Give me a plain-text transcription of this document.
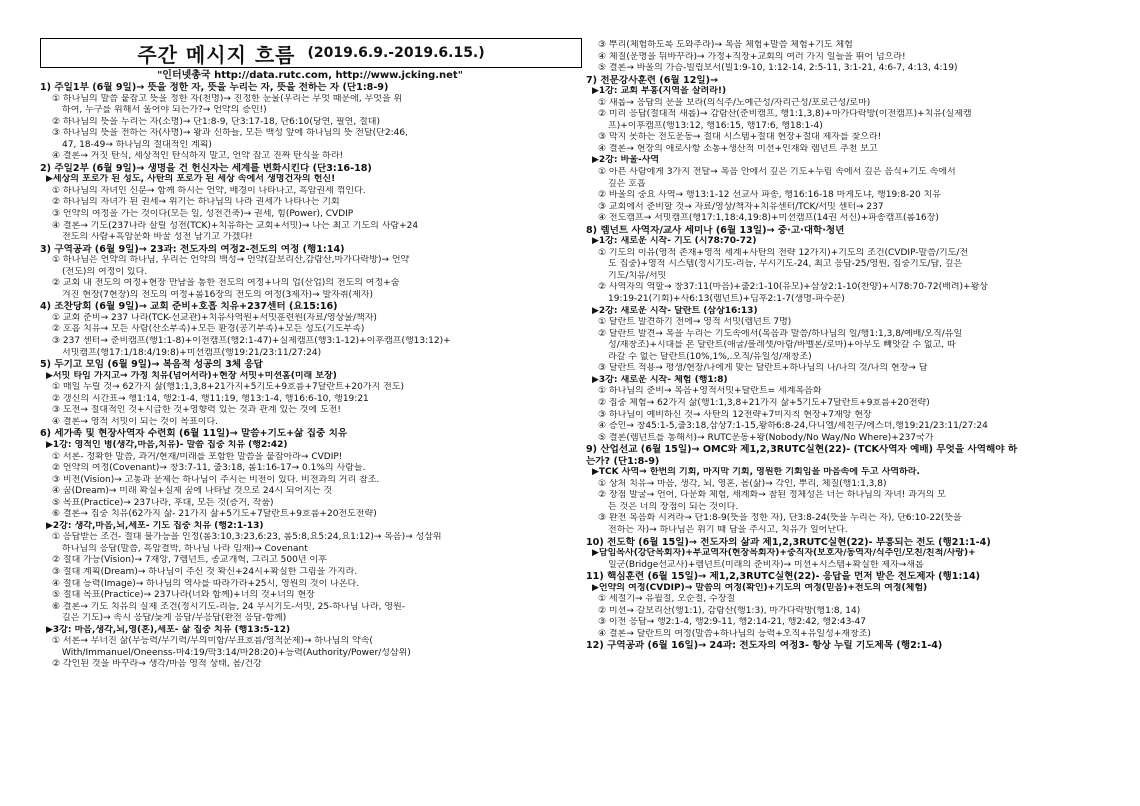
주간 메시지 흐름 (2019.6.9.-2019.6.15.)
"인터넷총국 http://data.rutc.com, http://www.jcking.net"
1) 주일1부 (6월 9일)→ 뜻을 정한 자, 뜻을 누리는 자, 뜻을 전하는 자 (단1:8-9)
① 하나님의 말씀 붙잡고 뜻을 정한 자(천명)→ 진정한 눈물(우리는 무엇 때문에, 무엇을 위
하여, 누구를 위해서 울어야 되는가?→ 언약의 증인!)
② 하나님의 뜻을 누리는 자(소명)→ 단1:8-9, 단3:17-18, 단6:10(당연, 필연, 절대)
③ 하나님의 뜻을 전하는 자(사명)→ 왕과 신하들, 모든 백성 앞에 하나님의 뜻 전달(단2:46,
47, 18-49→ 하나님의 절대적인 계획)
④ 결론→ 거짓 탄식, 세상적인 탄식하지 말고, 언약 잡고 진짜 탄식을 하라!
2) 주일2부 (6월 9일)→ 생명을 건 헌신자는 세계를 변화시킨다 (단3:16-18)
▶세상의 포로가 된 성도, 사탄의 포로가 된 세상 속에서 생명건자의 헌신!
① 하나님의 자녀인 신분→ 함께 하시는 언약, 배경이 나타나고, 흑암권세 꺾인다.
② 하나님의 자녀가 된 권세→ 위기는 하나님의 나라 권세가 나타나는 기회
③ 언약의 여정을 가는 것이다(모든 일, 성전건축)→ 권세, 힘(Power), CVDIP
④ 결론→ 기도(237나라 살릴 성전(TCK)+치유하는 교회+서밋)→ 나는 최고 기도의 사람+24
전도의 사람+흑암문화 바꿀 성전 남기고 가겠다!
3) 구역공과 (6월 9일)→ 23과: 전도자의 여정2-전도의 여정 (행1:14)
① 하나님은 언약의 하나님, 우리는 언약의 백성→ 언약(갈보리산,감람산,마가다락방)→ 언약
(전도)의 여정이 있다.
② 교회 내 전도의 여정+현장 만남을 통한 전도의 여정+나의 업(산업)의 전도의 여정+숨
겨진 현장(7현장)의 전도의 여정+롬16장의 전도의 여정(3제자)→ 발자취(제자)
4) 조찬당회 (6월 9일)→ 교회 준비+호흡 치유+237센터 (요15:16)
① 교회 준비→ 237 나라(TCK-선교관)+치유사역원+서밋훈련원(자료/영상물/책자)
② 호흡 치유→ 모든 사람(산소부족)+모든 환경(공기부족)+모든 성도(기도부족)
③ 237 센터→ 준비캠프(행1:1-8)+이전캠프(행2:1-47)+실제캠프(행3:1-12)+이후캠프(행13:12)+
서밋캠프(행17:1/18:4/19:8)+미션캠프(행19:21/23:11/27:24)
5) 두기고 모임 (6월 9일)→ 복음적 성공의 3체 응답
▶서밋 타임 가지고→ 가정 치유(넘어서라)+현장 서밋+미션홈(미래 보장)
① 매일 누릴 것→ 62가지 삶(행1:1,3,8+21가지+5기도+9흐름+7달란트+20가지 전도)
② 갱신의 시간표→ 행1:14, 행2:1-4, 행11:19, 행13:1-4, 행16:6-10, 행19:21
③ 도전→ 절대적인 것+시급한 것+영향력 있는 것과 관계 있는 것에 도전!
④ 결론→ 영적 서밋이 되는 것이 목표이다.
6) 세가족 및 현장사역자 수련회 (6월 11일)→ 말씀+기도+삶 집중 치유
▶1강: 영적인 병(생각,마음,치유)- 말씀 집중 치유 (행2:42)
① 서론- 정확한 말씀, 과거/현재/미래를 포함한 말씀을 붙잡아라→ CVDIP!
② 언약의 여정(Covenant)→ 창3:7-11, 출3:18, 롬1:16-17→ 0.1%의 사람들.
③ 비전(Vision)→ 고통과 문제는 하나님이 주시는 비전이 있다. 비전과의 거리 참조.
④ 꿈(Dream)→ 미래 확실+실제 꿈에 나타날 것으로 24시 되어지는 것
⑤ 목표(Practice)→ 237나라, 후대, 모든 것(증거, 작품)
⑥ 결론→ 집중 치유(62가지 삶- 21가지 삶+5기도+7달란트+9흐름+20전도전략)
▶2강: 생각,마음,뇌,세포- 기도 집중 치유 (행2:1-13)
① 응답받는 조건- 절대 불가능을 인정(롬3:10,3:23,6:23, 롬5:8,요5:24,요1:12)→ 복음)→ 성삼위
하나님의 응답(말씀, 흑암결박, 하나님 나라 임재)→ Covenant
② 절대 가능(Vision)→ 7재앙, 7렘넌트, 종교개혁, 그리고 500년 이후
③ 절대 계획(Dream)→ 하나님이 주신 것 확신+24시+확실한 그림을 가지라.
④ 절대 능력(Image)→ 하나님의 역사를 따라가라+25시, 영원의 것이 나온다.
⑤ 절대 목표(Practice)→ 237나라(너와 함께)+너의 것+너의 현장
⑥ 결론→ 기도 치유의 실제 조건(정시기도-리듬, 24 무시기도-서밋, 25-하나님 나라, 영원-
길은 기도)→ 속시 응답/늦게 응답/무응답(완전 응답-함께)
▶3강: 마음,생각,뇌,영(혼),세포- 삶 집중 치유 (행13:5-12)
① 서론→ 무너진 삶(무능력/무기력/무의미함/무표흐름/영적문제)→ 하나님의 약속(
With/Immanuel/Oneenss-마4:19/막3:14/마28:20)+능력(Authority/Power/성삼위)
② 각인된 것을 바꾸라→ 생각/마음 영적 상태, 몸/건강
③ 뿌리(체험하도록 도와주라)→ 복음 체험+말씀 체험+기도 체험
④ 체질(운명을 뒤바꾸라)→ 가정+직장+교회의 여러 가지 일들을 뛰어 넘으라!
⑤ 결론→ 바울의 가슴-빌립보서(빌1:9-10, 1:12-14, 2:5-11, 3:1-21, 4:6-7, 4:13, 4:19)
7) 전문강사훈련 (6월 12일)→
▶1강: 교회 부흥(지역을 살려라!)
① 새롭→ 응답의 문을 보라(의식주/노예근성/자리근성/포로근성/로마)
② 미리 응답(절대적 새롭)→ 감람산(준비캠프, 행1:1,3,8)+마가다락방(이전캠프)+치유(실제캠
프)+이후캠프(행13:12, 행16:15, 행17:6, 행18:1-4)
③ 막지 못하는 전도운동→ 절대 시스템+절대 현장+절대 제자를 찾으라!
④ 결론→ 현장의 애로사항 소통+생산적 미션+인재와 렘넌트 추천 보고
▶2강: 바울-사역
① 아픈 사람에게 3가지 전달→ 복음 안에서 깊은 기도+누림 속에서 깊은 음식+기도 속에서
깊은 호흡
② 바울의 중요 사역→ 행13:1-12 선교사 파송, 행16:16-18 마게도냐, 행19:8-20 치유
③ 교회에서 준비할 것→ 자료/영상/책자+치유센터/TCK/서밋 센터→ 237
④ 전도캠프→ 서밋캠프(행17:1,18:4,19:8)+미션캠프(14권 서신)+파송캠프(롬16장)
8) 렘넌트 사역자/교사 세미나 (6월 13일)→ 중·고·대학·청년
▶1강: 새로운 시작- 기도 (시78:70-72)
① 기도의 이유(영적 존재+영적 세계+사탄의 전략 12가지)+기도의 조건(CVDIP-말씀/기도/전
도 집중)+영적 시스템(정시기도-리듬, 무시기도-24, 최고 응답-25/영원, 집중기도/답, 깊은
기도/치유/서밋
② 사역자의 역할→ 창37:11(마음)+출2:1-10(유모)+삼상2:1-10(찬양)+시78:70-72(배려)+왕상
19:19-21(기회)+사6:13(렘넌트)+딤후2:1-7(생명-파수꾼)
▶2강: 새로운 시작- 달란트 (삼상16:13)
① 달란트 발견하기 전에→ 영적 서밋(렘넌트 7명)
② 달란트 발견→ 복을 누리는 기도속에서(복음과 말씀/하나님의 일/행1:1,3,8/예배/오직/유일
성/재창조)+시대를 본 달란트(애굽/블레셋/아람/바벨론/로마)+아무도 빼앗갈 수 없고, 따
라갈 수 없는 달란트(10%,1%,.오직/유일성/재창조)
③ 달란트 적용→ 평생/현장/나에게 맞는 달란트+하나님의 나/나의 것/나의 현장→ 답
▶3강: 새로운 시작- 체험 (행1:8)
① 하나님의 준비→ 복음+영적서밋+달란트= 세계복음화
② 집중 체험→ 62가지 삶(행1:1,3,8+21가지 삶+5기도+7달란트+9흐름+20전략)
③ 하나님이 예비하신 것→ 사탄의 12전략+7미지칙 현장+7재앙 현장
④ 증인→ 창45:1-5,출3:18,삼상7:1-15,왕하6:8-24,다니엘/세친구/에스더,행19:21/23:11/27:24
⑤ 결론(렘넌트를 통해서)→ RUTC운동+왕(Nobody/No Way/No Where)+237국가
9) 산업선교 (6월 15일)→ OMC와 제1,2,3RUTC실현(22)- (TCK사역자 예배) 무엇을 사역해야 하
는가? (단1:8-9)
▶TCK 사역→ 한번의 기회, 마지막 기회, 영원한 기회임을 마음속에 두고 사역하라.
① 상처 치유→ 마음, 생각, 뇌, 영혼, 몸(삶)→ 각인, 뿌리, 체질(행1:1,3,8)
② 장점 발굴→ 언어, 다문화 체험, 세계화→ 참된 정체성은 너는 하나님의 자녀! 과거의 모
든 것은 너의 장점이 되는 것이다.
③ 완전 복음화 시켜라→ 단1:8-9(뜻을 정한 자), 단3:8-24(뜻을 누리는 자), 단6:10-22(뜻을
전하는 자)→ 하나님은 위기 때 답을 주시고, 치유가 일어난다.
10) 전도학 (6월 15일)→ 전도자의 삶과 제1,2,3RUTC실현(22)- 부흥되는 전도 (행21:1-4)
▶담임목사(강단목회자)+부교역자(현장목회자)+중직자(보호자/동역자/식주인/모친/친척/사랑)+
일군(Bridge선교사)+렘넌트(미래의 준비자)→ 미션+시스템+확실한 제자→새롭
11) 핵심훈련 (6월 15일)→ 제1,2,3RUTC실현(22)- 응답을 먼저 받은 전도제자 (행1:14)
▶언약의 여정(CVDIP)→ 말씀의 여정(확인)+기도의 여정(믿음)+전도의 여정(체험)
① 세절기→ 유월절, 오순절, 수장절
② 미션→ 갈보리산(행1:1), 감람산(행1:3), 마가다락방(행1:8, 14)
③ 이전 응답→ 행2:1-4, 행2:9-11, 행2:14-21, 행2:42, 행2:43-47
④ 결론→ 달란트의 여정(말씀+하나님의 능력+오직+유일성+재창조)
12) 구역공과 (6월 16일)→ 24과: 전도자의 여정3- 항상 누릴 기도제목 (행2:1-4)
